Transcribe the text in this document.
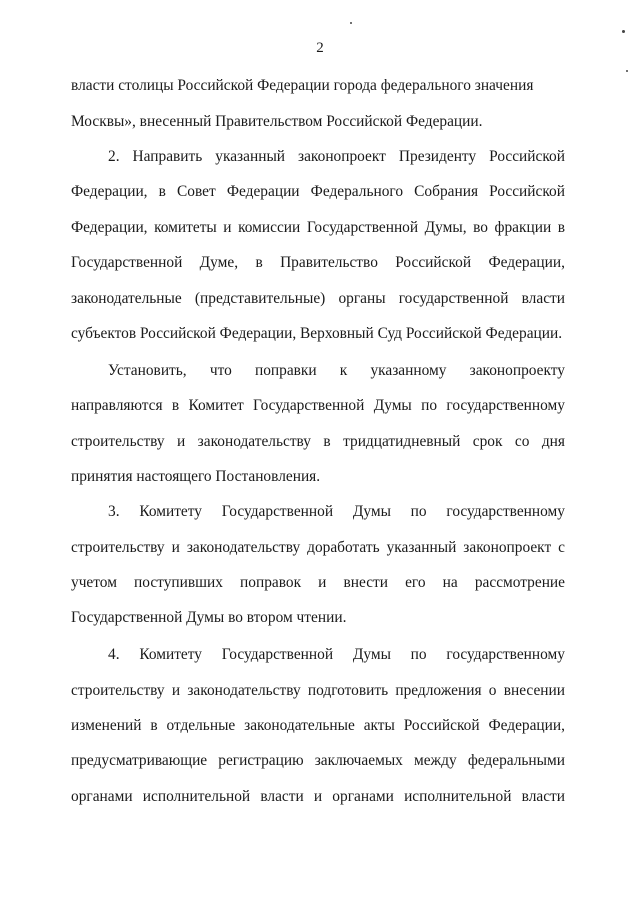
2
власти столицы Российской Федерации города федерального значения
Москвы», внесенный Правительством Российской Федерации.
2. Направить указанный законопроект Президенту Российской
Федерации, в Совет Федерации Федерального Собрания Российской
Федерации, комитеты и комиссии Государственной Думы, во фракции в
Государственной Думе, в Правительство Российской Федерации,
законодательные (представительные) органы государственной власти
субъектов Российской Федерации, Верховный Суд Российской Федерации.
Установить, что поправки к указанному законопроекту
направляются в Комитет Государственной Думы по государственному
строительству и законодательству в тридцатидневный срок со дня
принятия настоящего Постановления.
3. Комитету Государственной Думы по государственному
строительству и законодательству доработать указанный законопроект с
учетом поступивших поправок и внести его на рассмотрение
Государственной Думы во втором чтении.
4. Комитету Государственной Думы по государственному
строительству и законодательству подготовить предложения о внесении
изменений в отдельные законодательные акты Российской Федерации,
предусматривающие регистрацию заключаемых между федеральными
органами исполнительной власти и органами исполнительной власти
